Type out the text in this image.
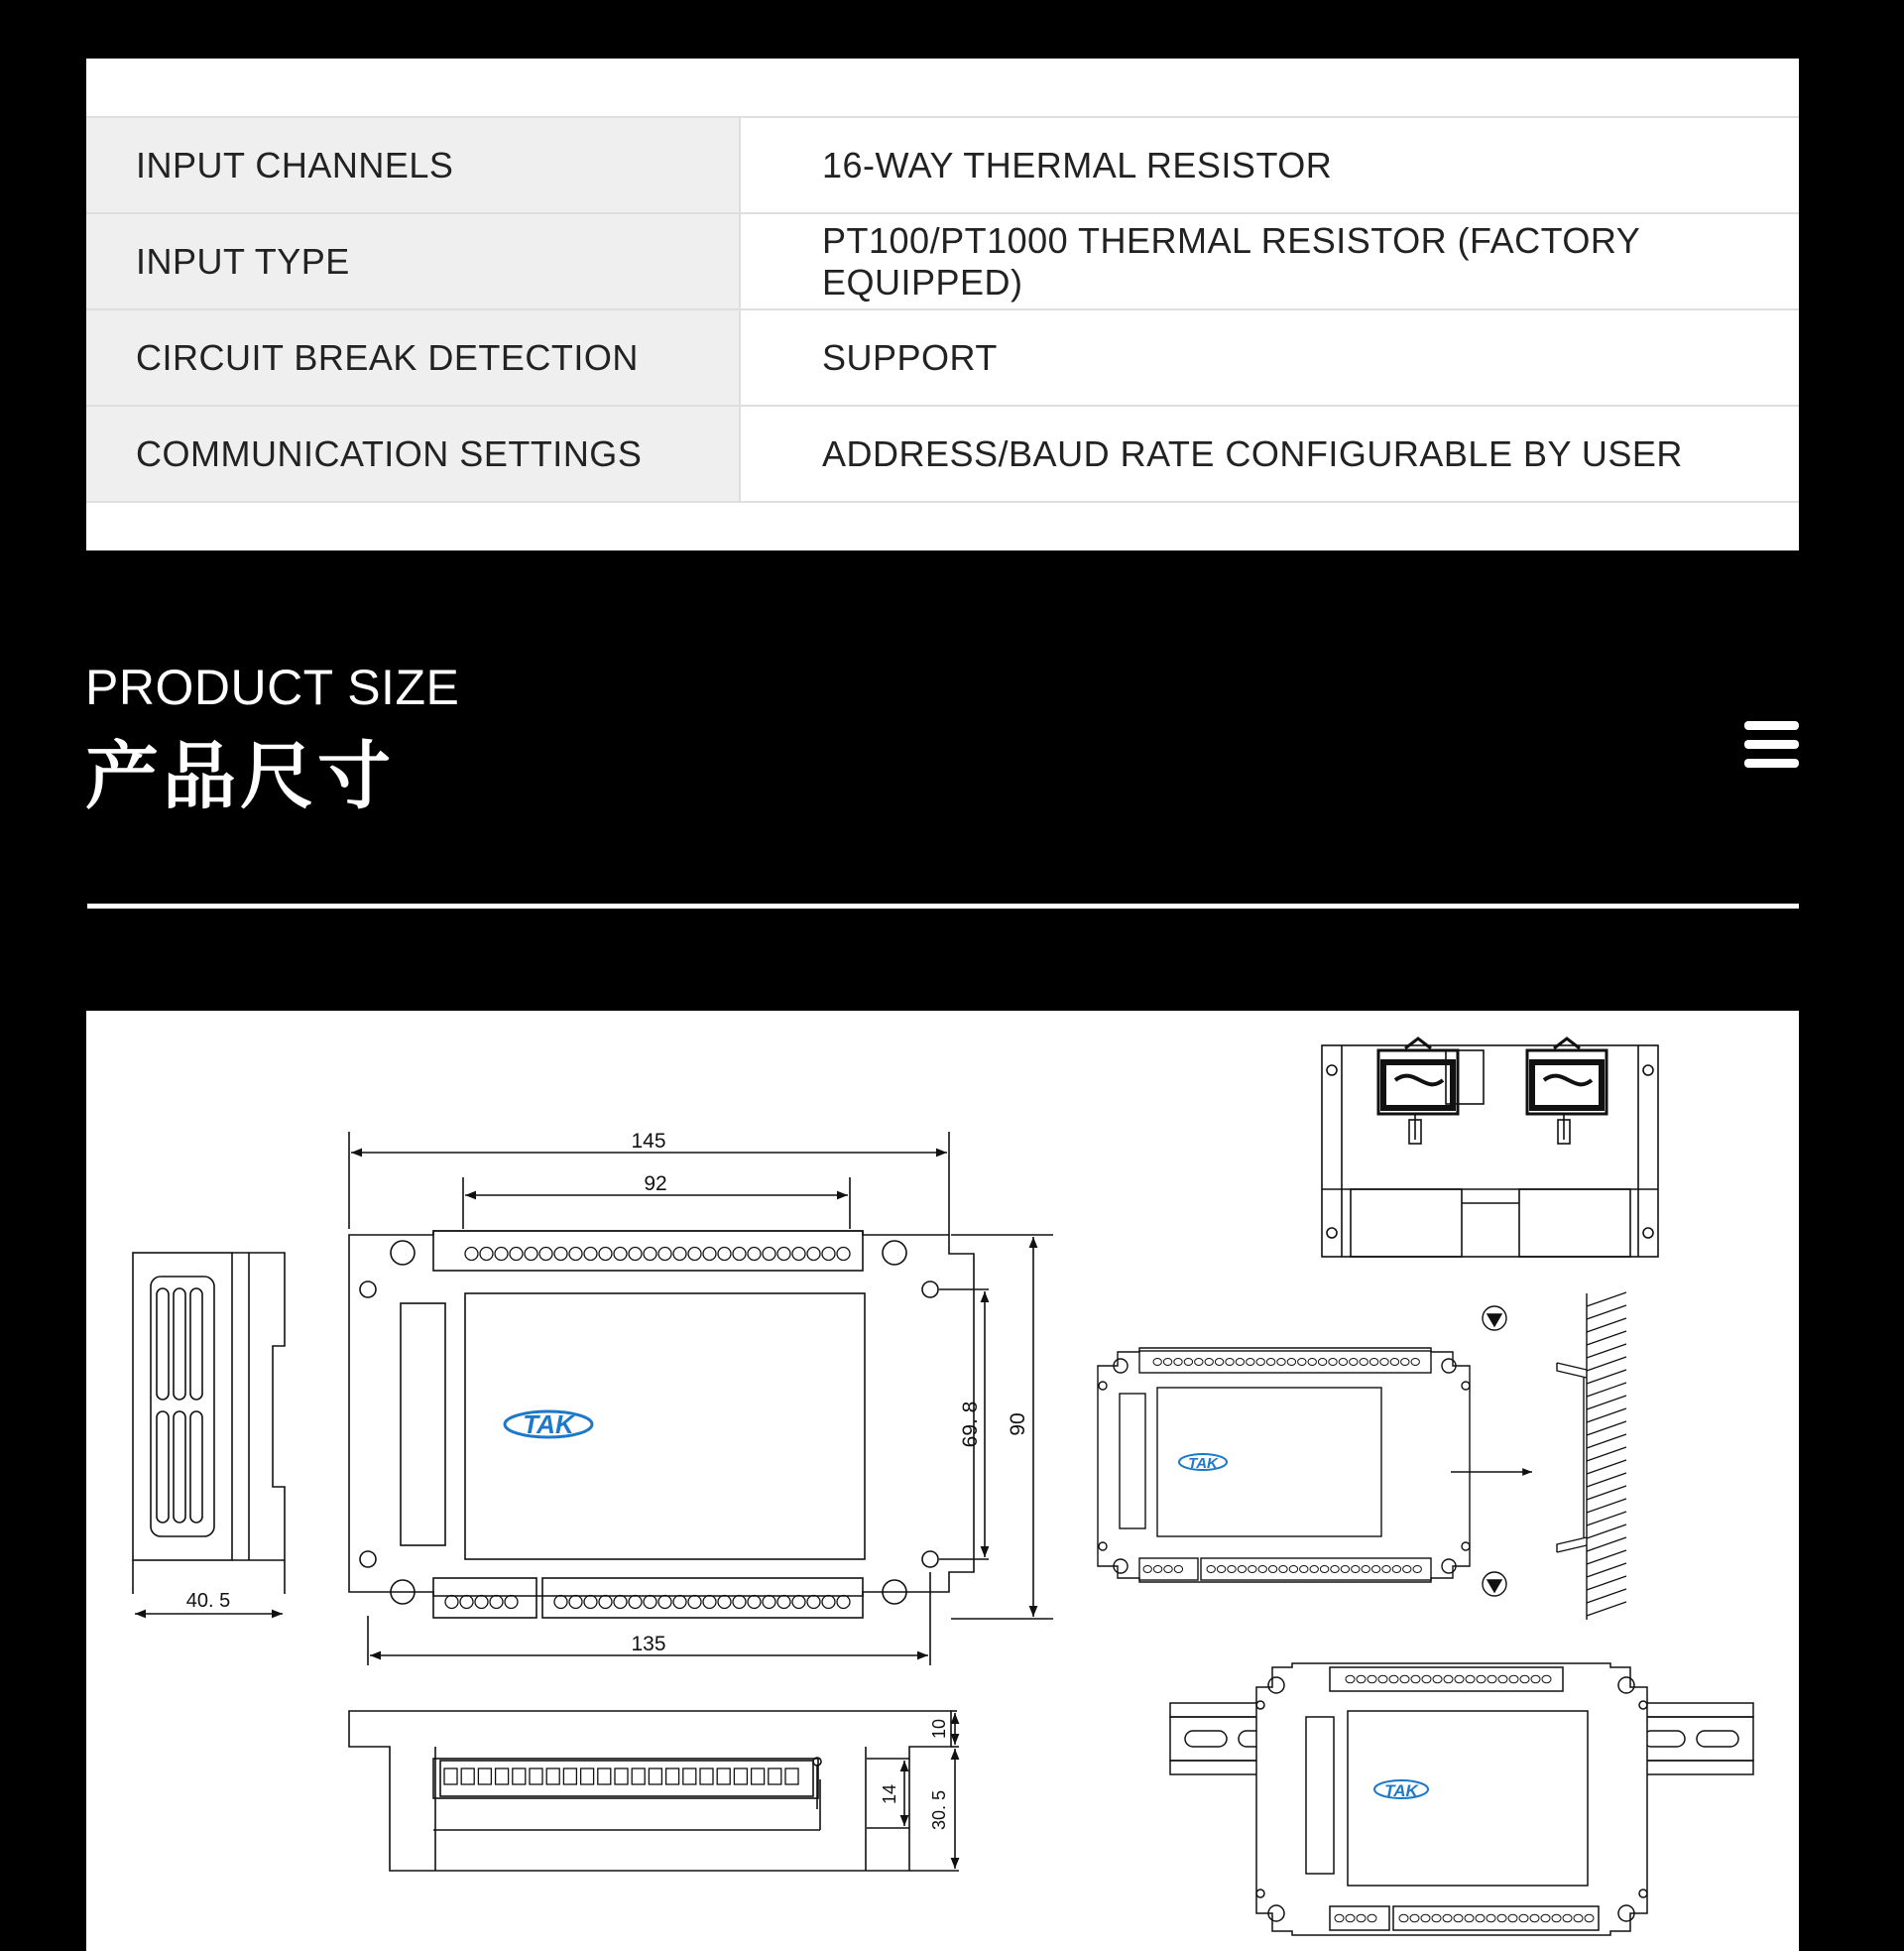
INPUT CHANNELS	16-WAY THERMAL RESISTOR
INPUT TYPE	PT100/PT1000 THERMAL RESISTOR (FACTORY EQUIPPED)
CIRCUIT BREAK DETECTION	SUPPORT
COMMUNICATION SETTINGS	ADDRESS/BAUD RATE CONFIGURABLE BY USER
PRODUCT SIZE
产品尺寸
40. 5
TAK
145
92
135
69. 8 90
10
14 30. 5
TAK
TAK
